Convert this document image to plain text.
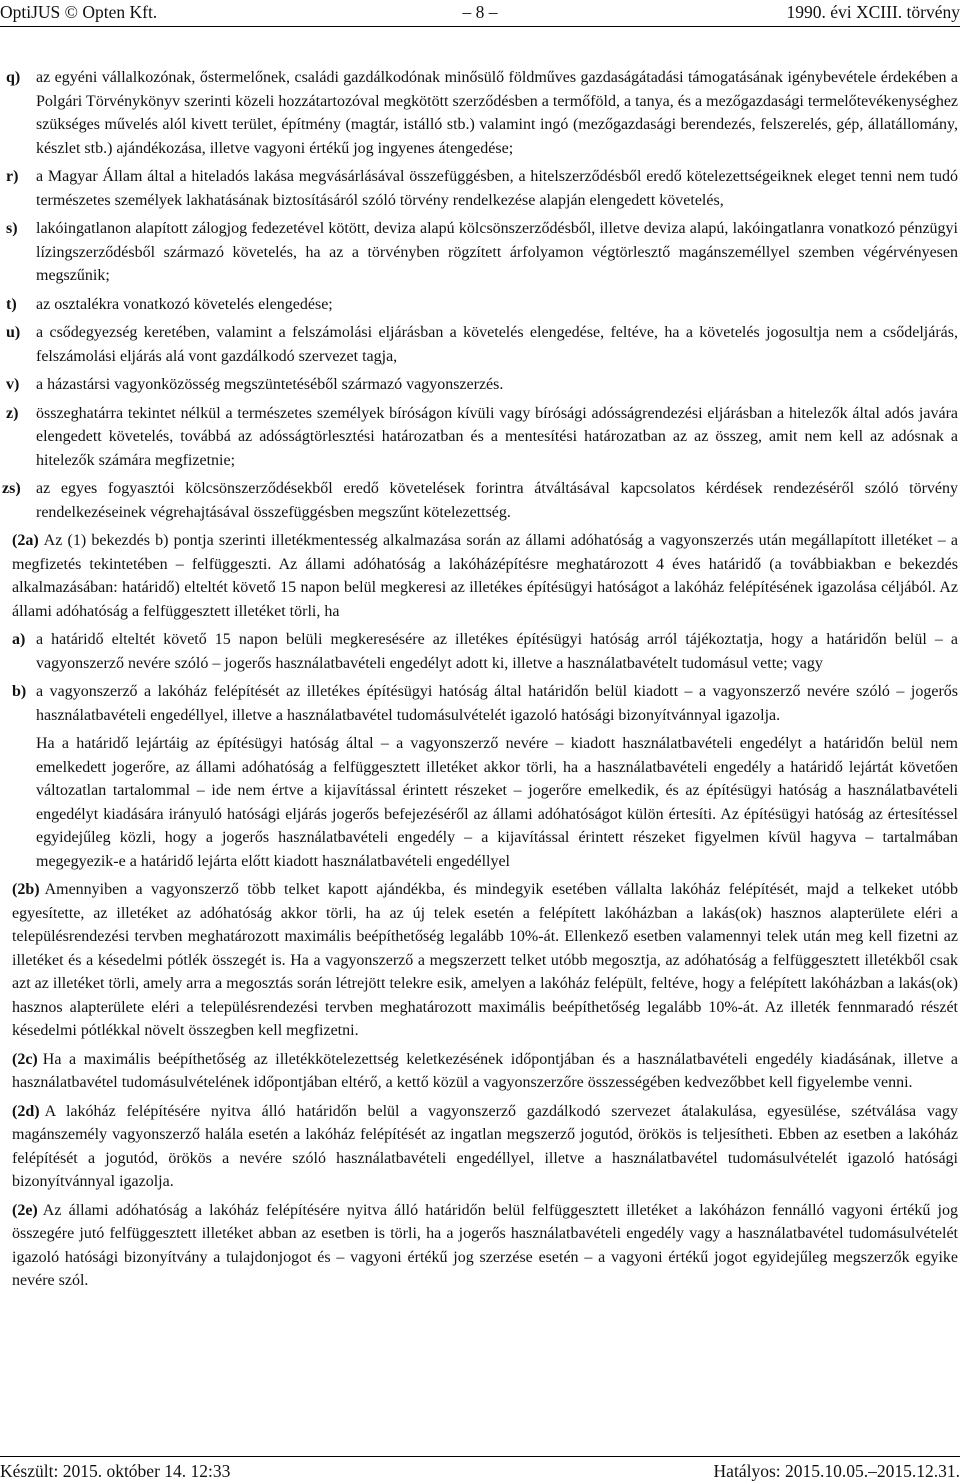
OptiJUS © Opten Kft.	– 8 –	1990. évi XCIII. törvény
q) az egyéni vállalkozónak, őstermelőnek, családi gazdálkodónak minősülő földműves gazdaságátadási támogatásának igénybevétele érdekében a Polgári Törvénykönyv szerinti közeli hozzátartozóval megkötött szerződésben a termőföld, a tanya, és a mezőgazdasági termelőtevékenységhez szükséges művelés alól kivett terület, építmény (magtár, istálló stb.) valamint ingó (mezőgazdasági berendezés, felszerelés, gép, állatállomány, készlet stb.) ajándékozása, illetve vagyoni értékű jog ingyenes átengedése;
r) a Magyar Állam által a hiteladós lakása megvásárlásával összefüggésben, a hitelszerződésből eredő kötelezettségeiknek eleget tenni nem tudó természetes személyek lakhatásának biztosításáról szóló törvény rendelkezése alapján elengedett követelés,
s) lakóingatlanon alapított zálogjog fedezetével kötött, deviza alapú kölcsönszerződésből, illetve deviza alapú, lakóingatlanra vonatkozó pénzügyi lízingszerződésből származó követelés, ha az a törvényben rögzített árfolyamon végtörlesztő magánszeméllyel szemben végérvényesen megszűnik;
t) az osztalékra vonatkozó követelés elengedése;
u) a csődegyezség keretében, valamint a felszámolási eljárásban a követelés elengedése, feltéve, ha a követelés jogosultja nem a csődeljárás, felszámolási eljárás alá vont gazdálkodó szervezet tagja,
v) a házastársi vagyonközösség megszüntetéséből származó vagyonszerzés.
z) összeghatárra tekintet nélkül a természetes személyek bíróságon kívüli vagy bírósági adósságrendezési eljárásban a hitelezők által adós javára elengedett követelés, továbbá az adósságtörlesztési határozatban és a mentesítési határozatban az az összeg, amit nem kell az adósnak a hitelezők számára megfizetnie;
zs) az egyes fogyasztói kölcsönszerződésekből eredő követelések forintra átváltásával kapcsolatos kérdések rendezéséről szóló törvény rendelkezéseinek végrehajtásával összefüggésben megszűnt kötelezettség.
(2a) Az (1) bekezdés b) pontja szerinti illetékmentesség alkalmazása során az állami adóhatóság a vagyonszerzés után megállapított illetéket – a megfizetés tekintetében – felfüggeszti. Az állami adóhatóság a lakóházépítésre meghatározott 4 éves határidő (a továbbiakban e bekezdés alkalmazásában: határidő) elteltét követő 15 napon belül megkeresi az illetékes építésügyi hatóságot a lakóház felépítésének igazolása céljából. Az állami adóhatóság a felfüggesztett illetéket törli, ha
a) a határidő elteltét követő 15 napon belüli megkeresésére az illetékes építésügyi hatóság arról tájékoztatja, hogy a határidőn belül – a vagyonszerző nevére szóló – jogerős használatbavételi engedélyt adott ki, illetve a használatbavételt tudomásul vette; vagy
b) a vagyonszerző a lakóház felépítését az illetékes építésügyi hatóság által határidőn belül kiadott – a vagyonszerző nevére szóló – jogerős használatbavételi engedéllyel, illetve a használatbavétel tudomásulvételét igazoló hatósági bizonyítvánnyal igazolja.
Ha a határidő lejártáig az építésügyi hatóság által – a vagyonszerző nevére – kiadott használatbavételi engedélyt a határidőn belül nem emelkedett jogerőre, az állami adóhatóság a felfüggesztett illetéket akkor törli, ha a használatbavételi engedély a határidő lejártát követően változatlan tartalommal – ide nem értve a kijavítással érintett részeket – jogerőre emelkedik, és az építésügyi hatóság a használatbavételi engedélyt kiadására irányuló hatósági eljárás jogerős befejezéséről az állami adóhatóságot külön értesíti. Az építésügyi hatóság az értesítéssel egyidejűleg közli, hogy a jogerős használatbavételi engedély – a kijavítással érintett részeket figyelmen kívül hagyva – tartalmában megegyezik-e a határidő lejárta előtt kiadott használatbavételi engedéllyel
(2b) Amennyiben a vagyonszerző több telket kapott ajándékba, és mindegyik esetében vállalta lakóház felépítését, majd a telkeket utóbb egyesítette, az illetéket az adóhatóság akkor törli, ha az új telek esetén a felépített lakóházban a lakás(ok) hasznos alapterülete eléri a településrendezési tervben meghatározott maximális beépíthetőség legalább 10%-át. Ellenkező esetben valamennyi telek után meg kell fizetni az illetéket és a késedelmi pótlék összegét is. Ha a vagyonszerző a megszerzett telket utóbb megosztja, az adóhatóság a felfüggesztett illetékből csak azt az illetéket törli, amely arra a megosztás során létrejött telekre esik, amelyen a lakóház felépült, feltéve, hogy a felépített lakóházban a lakás(ok) hasznos alapterülete eléri a településrendezési tervben meghatározott maximális beépíthetőség legalább 10%-át. Az illeték fennmaradó részét késedelmi pótlékkal növelt összegben kell megfizetni.
(2c) Ha a maximális beépíthetőség az illetékkötelezettség keletkezésének időpontjában és a használatbavételi engedély kiadásának, illetve a használatbavétel tudomásulvételének időpontjában eltérő, a kettő közül a vagyonszerzőre összességében kedvezőbbet kell figyelembe venni.
(2d) A lakóház felépítésére nyitva álló határidőn belül a vagyonszerző gazdálkodó szervezet átalakulása, egyesülése, szétválása vagy magánszemély vagyonszerző halála esetén a lakóház felépítését az ingatlan megszerző jogutód, örökös is teljesítheti. Ebben az esetben a lakóház felépítését a jogutód, örökös a nevére szóló használatbavételi engedéllyel, illetve a használatbavétel tudomásulvételét igazoló hatósági bizonyítvánnyal igazolja.
(2e) Az állami adóhatóság a lakóház felépítésére nyitva álló határidőn belül felfüggesztett illetéket a lakóházon fennálló vagyoni értékű jog összegére jutó felfüggesztett illetéket abban az esetben is törli, ha a jogerős használatbavételi engedély vagy a használatbavétel tudomásulvételét igazoló hatósági bizonyítvány a tulajdonjogot és – vagyoni értékű jog szerzése esetén – a vagyoni értékű jogot egyidejűleg megszerzők egyike nevére szól.
Készült: 2015. október 14. 12:33	Hatályos: 2015.10.05.–2015.12.31.
